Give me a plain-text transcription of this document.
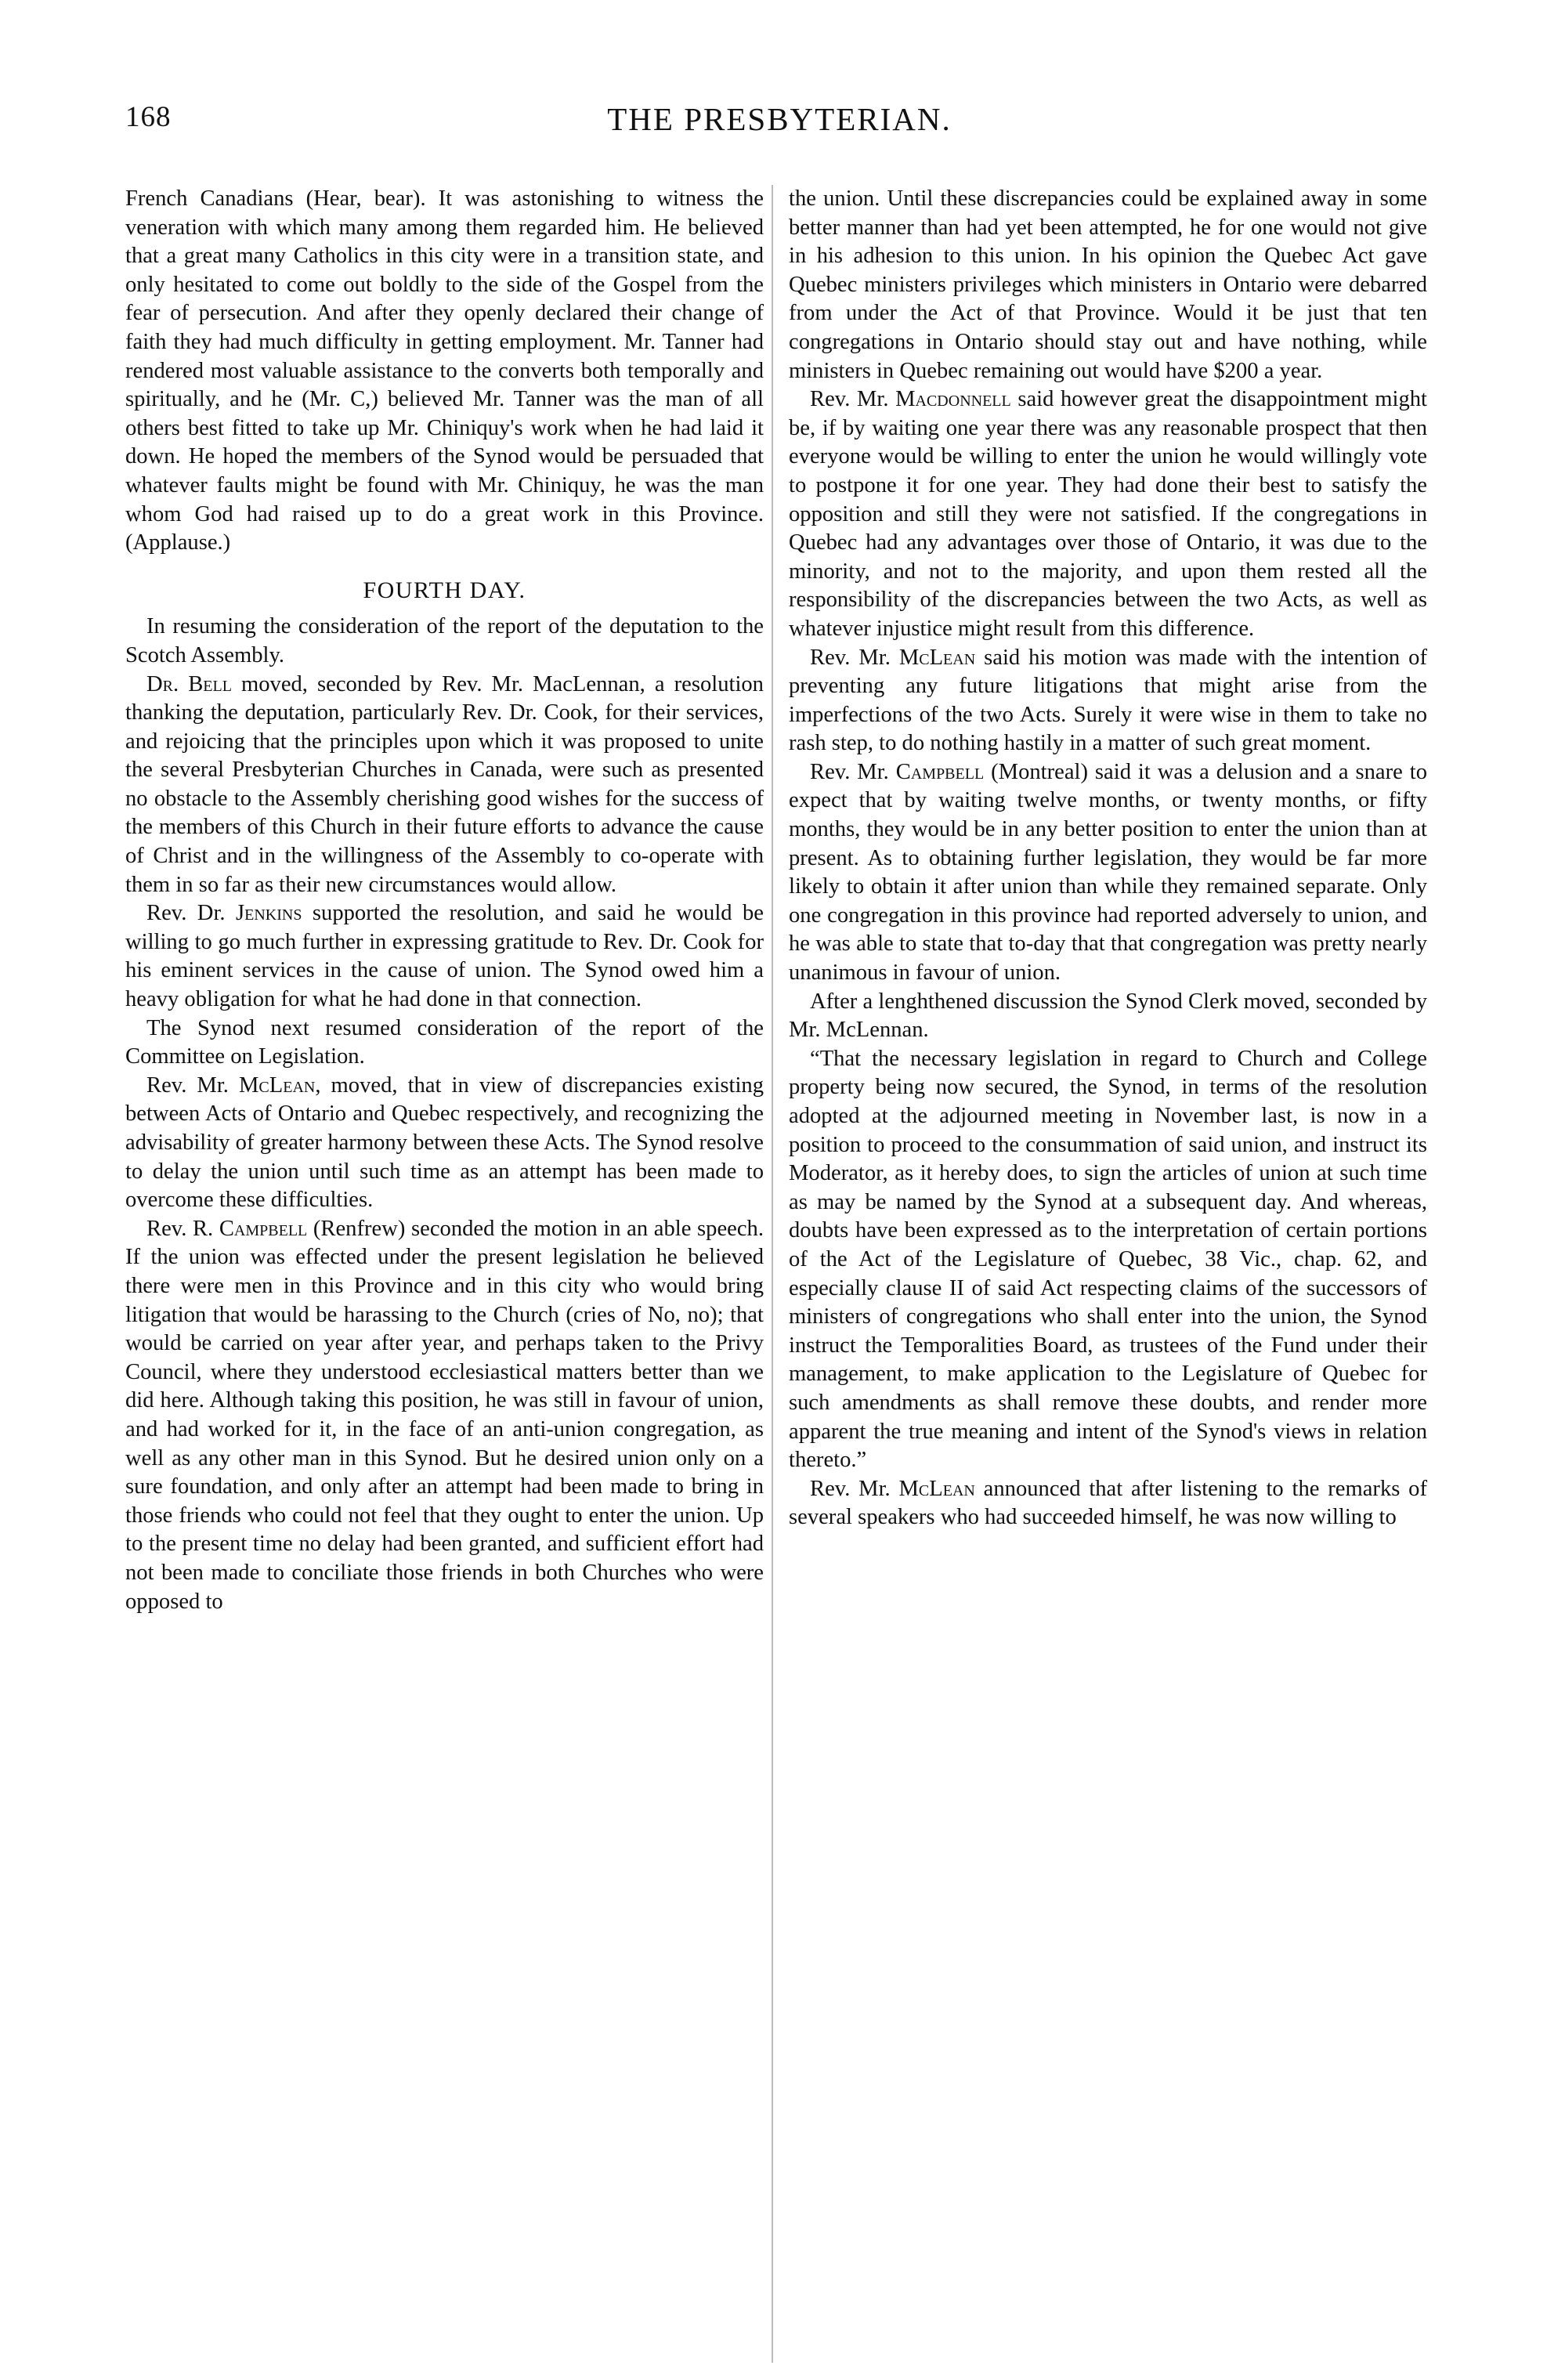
168	THE PRESBYTERIAN.

French Canadians (Hear, bear). It was astonishing to witness the veneration with which many among them regarded him. He believed that a great many Catholics in this city were in a transition state, and only hesitated to come out boldly to the side of the Gospel from the fear of persecution. And after they openly declared their change of faith they had much difficulty in getting employment. Mr. Tanner had rendered most valuable assistance to the converts both temporally and spiritually, and he (Mr. C,) believed Mr. Tanner was the man of all others best fitted to take up Mr. Chiniquy's work when he had laid it down. He hoped the members of the Synod would be persuaded that whatever faults might be found with Mr. Chiniquy, he was the man whom God had raised up to do a great work in this Province. (Applause.)

FOURTH DAY.

In resuming the consideration of the report of the deputation to the Scotch Assembly.

Dr. Bell moved, seconded by Rev. Mr. MacLennan, a resolution thanking the deputation, particularly Rev. Dr. Cook, for their services, and rejoicing that the principles upon which it was proposed to unite the several Presbyterian Churches in Canada, were such as presented no obstacle to the Assembly cherishing good wishes for the success of the members of this Church in their future efforts to advance the cause of Christ and in the willingness of the Assembly to co-operate with them in so far as their new circumstances would allow.

Rev. Dr. Jenkins supported the resolution, and said he would be willing to go much further in expressing gratitude to Rev. Dr. Cook for his eminent services in the cause of union. The Synod owed him a heavy obligation for what he had done in that connection.

The Synod next resumed consideration of the report of the Committee on Legislation.

Rev. Mr. McLean, moved, that in view of discrepancies existing between Acts of Ontario and Quebec respectively, and recognizing the advisability of greater harmony between these Acts. The Synod resolve to delay the union until such time as an attempt has been made to overcome these difficulties.

Rev. R. Campbell (Renfrew) seconded the motion in an able speech. If the union was effected under the present legislation he believed there were men in this Province and in this city who would bring litigation that would be harassing to the Church (cries of No, no); that would be carried on year after year, and perhaps taken to the Privy Council, where they understood ecclesiastical matters better than we did here. Although taking this position, he was still in favour of union, and had worked for it, in the face of an anti-union congregation, as well as any other man in this Synod. But he desired union only on a sure foundation, and only after an attempt had been made to bring in those friends who could not feel that they ought to enter the union. Up to the present time no delay had been granted, and sufficient effort had not been made to conciliate those friends in both Churches who were opposed to

the union. Until these discrepancies could be explained away in some better manner than had yet been attempted, he for one would not give in his adhesion to this union. In his opinion the Quebec Act gave Quebec ministers privileges which ministers in Ontario were debarred from under the Act of that Province. Would it be just that ten congregations in Ontario should stay out and have nothing, while ministers in Quebec remaining out would have $200 a year.

Rev. Mr. Macdonnell said however great the disappointment might be, if by waiting one year there was any reasonable prospect that then everyone would be willing to enter the union he would willingly vote to postpone it for one year. They had done their best to satisfy the opposition and still they were not satisfied. If the congregations in Quebec had any advantages over those of Ontario, it was due to the minority, and not to the majority, and upon them rested all the responsibility of the discrepancies between the two Acts, as well as whatever injustice might result from this difference.

Rev. Mr. McLean said his motion was made with the intention of preventing any future litigations that might arise from the imperfections of the two Acts. Surely it were wise in them to take no rash step, to do nothing hastily in a matter of such great moment.

Rev. Mr. Campbell (Montreal) said it was a delusion and a snare to expect that by waiting twelve months, or twenty months, or fifty months, they would be in any better position to enter the union than at present. As to obtaining further legislation, they would be far more likely to obtain it after union than while they remained separate. Only one congregation in this province had reported adversely to union, and he was able to state that to-day that that congregation was pretty nearly unanimous in favour of union.

After a lenghthened discussion the Synod Clerk moved, seconded by Mr. McLennan.

“That the necessary legislation in regard to Church and College property being now secured, the Synod, in terms of the resolution adopted at the adjourned meeting in November last, is now in a position to proceed to the consummation of said union, and instruct its Moderator, as it hereby does, to sign the articles of union at such time as may be named by the Synod at a subsequent day. And whereas, doubts have been expressed as to the interpretation of certain portions of the Act of the Legislature of Quebec, 38 Vic., chap. 62, and especially clause II of said Act respecting claims of the successors of ministers of congregations who shall enter into the union, the Synod instruct the Temporalities Board, as trustees of the Fund under their management, to make application to the Legislature of Quebec for such amendments as shall remove these doubts, and render more apparent the true meaning and intent of the Synod's views in relation thereto.”

Rev. Mr. McLean announced that after listening to the remarks of several speakers who had succeeded himself, he was now willing to
